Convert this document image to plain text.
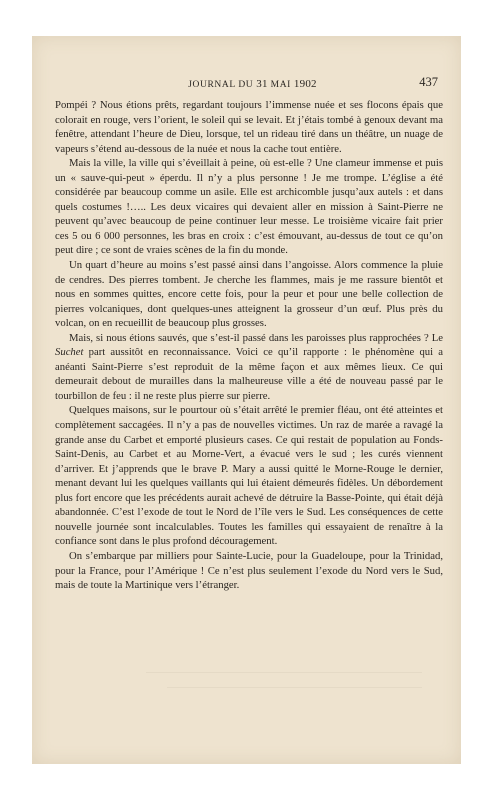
JOURNAL DU 31 MAI 1902	437

Pompéi ? Nous étions prêts, regardant toujours l’immense nuée et ses flocons épais que colorait en rouge, vers l’orient, le soleil qui se levait. Et j’étais tombé à genoux devant ma fenêtre, attendant l’heure de Dieu, lorsque, tel un rideau tiré dans un théâtre, un nuage de vapeurs s’étend au-dessous de la nuée et nous la cache tout entière.

Mais la ville, la ville qui s’éveillait à peine, où est-elle ? Une clameur immense et puis un « sauve-qui-peut » éperdu. Il n’y a plus personne ! Je me trompe. L’église a été considérée par beaucoup comme un asile. Elle est archicomble jusqu’aux autels : et dans quels costumes !….. Les deux vicaires qui devaient aller en mission à Saint-Pierre ne peuvent qu’avec beaucoup de peine continuer leur messe. Le troisième vicaire fait prier ces 5 ou 6 000 personnes, les bras en croix : c’est émouvant, au-dessus de tout ce qu’on peut dire ; ce sont de vraies scènes de la fin du monde.

Un quart d’heure au moins s’est passé ainsi dans l’angoisse. Alors commence la pluie de cendres. Des pierres tombent. Je cherche les flammes, mais je me rassure bientôt et nous en sommes quittes, encore cette fois, pour la peur et pour une belle collection de pierres volcaniques, dont quelques-unes atteignent la grosseur d’un œuf. Plus près du volcan, on en recueillit de beaucoup plus grosses.

Mais, si nous étions sauvés, que s’est-il passé dans les paroisses plus rapprochées ? Le Suchet part aussitôt en reconnaissance. Voici ce qu’il rapporte : le phénomène qui a anéanti Saint-Pierre s’est reproduit de la même façon et aux mêmes lieux. Ce qui demeurait debout de murailles dans la malheureuse ville a été de nouveau passé par le tourbillon de feu : il ne reste plus pierre sur pierre.

Quelques maisons, sur le pourtour où s’était arrêté le premier fléau, ont été atteintes et complètement saccagées. Il n’y a pas de nouvelles victimes. Un raz de marée a ravagé la grande anse du Carbet et emporté plusieurs cases. Ce qui restait de population au Fonds-Saint-Denis, au Carbet et au Morne-Vert, a évacué vers le sud ; les curés viennent d’arriver. Et j’apprends que le brave P. Mary a aussi quitté le Morne-Rouge le dernier, menant devant lui les quelques vaillants qui lui étaient démeurés fidèles. Un débordement plus fort encore que les précédents aurait achevé de détruire la Basse-Pointe, qui était déjà abandonnée. C’est l’exode de tout le Nord de l’île vers le Sud. Les conséquences de cette nouvelle journée sont incalculables. Toutes les familles qui essayaient de renaître à la confiance sont dans le plus profond découragement.

On s’embarque par milliers pour Sainte-Lucie, pour la Guadeloupe, pour la Trinidad, pour la France, pour l’Amérique ! Ce n’est plus seulement l’exode du Nord vers le Sud, mais de toute la Martinique vers l’étranger.
